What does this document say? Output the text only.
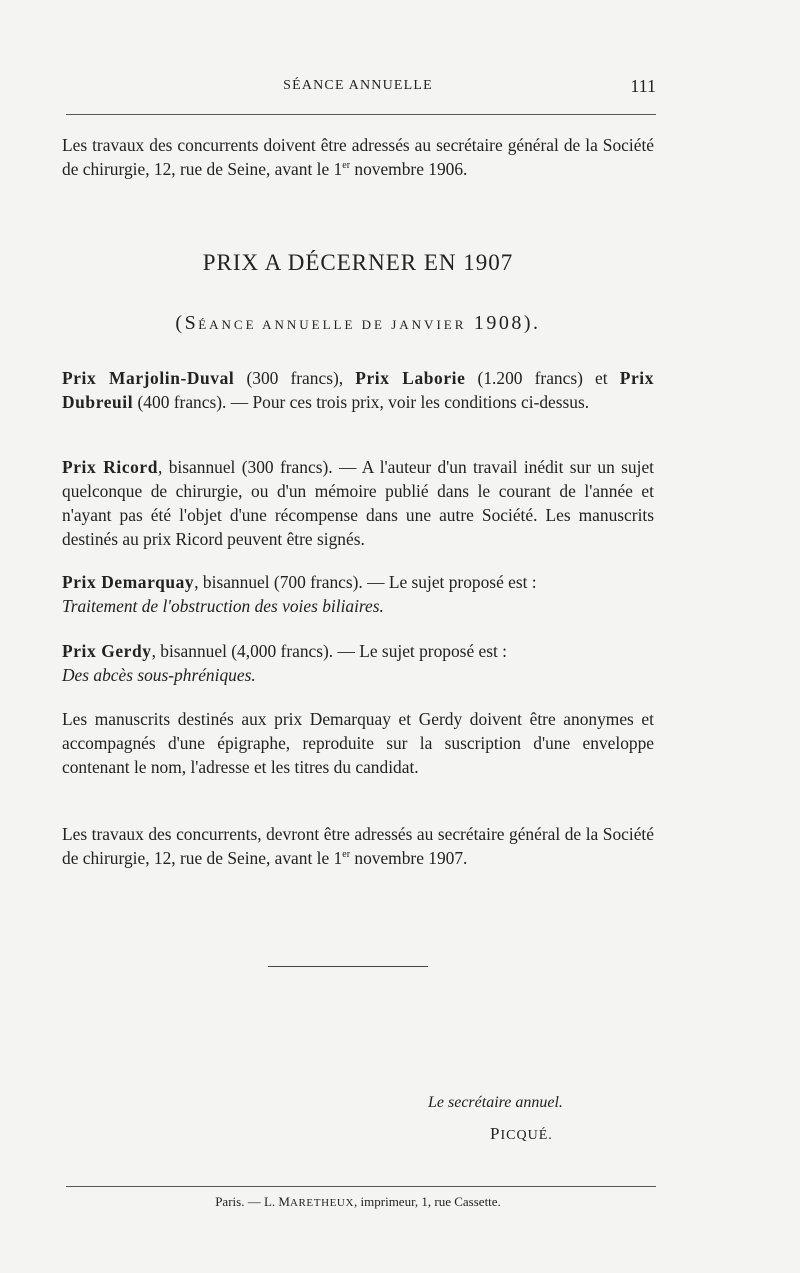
SÉANCE ANNUELLE	111

Les travaux des concurrents doivent être adressés au secrétaire général de la Société de chirurgie, 12, rue de Seine, avant le 1er novembre 1906.

PRIX A DÉCERNER EN 1907
(SÉANCE ANNUELLE DE JANVIER 1908).

Prix Marjolin-Duval (300 francs), Prix Laborie (1.200 francs) et Prix Dubreuil (400 francs). — Pour ces trois prix, voir les conditions ci-dessus.

Prix Ricord, bisannuel (300 francs). — A l'auteur d'un travail inédit sur un sujet quelconque de chirurgie, ou d'un mémoire publié dans le courant de l'année et n'ayant pas été l'objet d'une récompense dans une autre Société. Les manuscrits destinés au prix Ricord peuvent être signés.

Prix Demarquay, bisannuel (700 francs). — Le sujet proposé est :
Traitement de l'obstruction des voies biliaires.

Prix Gerdy, bisannuel (4,000 francs). — Le sujet proposé est :
Des abcès sous-phréniques.

Les manuscrits destinés aux prix Demarquay et Gerdy doivent être anonymes et accompagnés d'une épigraphe, reproduite sur la suscription d'une enveloppe contenant le nom, l'adresse et les titres du candidat.

Les travaux des concurrents, devront être adressés au secrétaire général de la Société de chirurgie, 12, rue de Seine, avant le 1er novembre 1907.

Le secrétaire annuel.
PICQUÉ.
Paris. — L. MARETHEUX, imprimeur, 1, rue Cassette.
